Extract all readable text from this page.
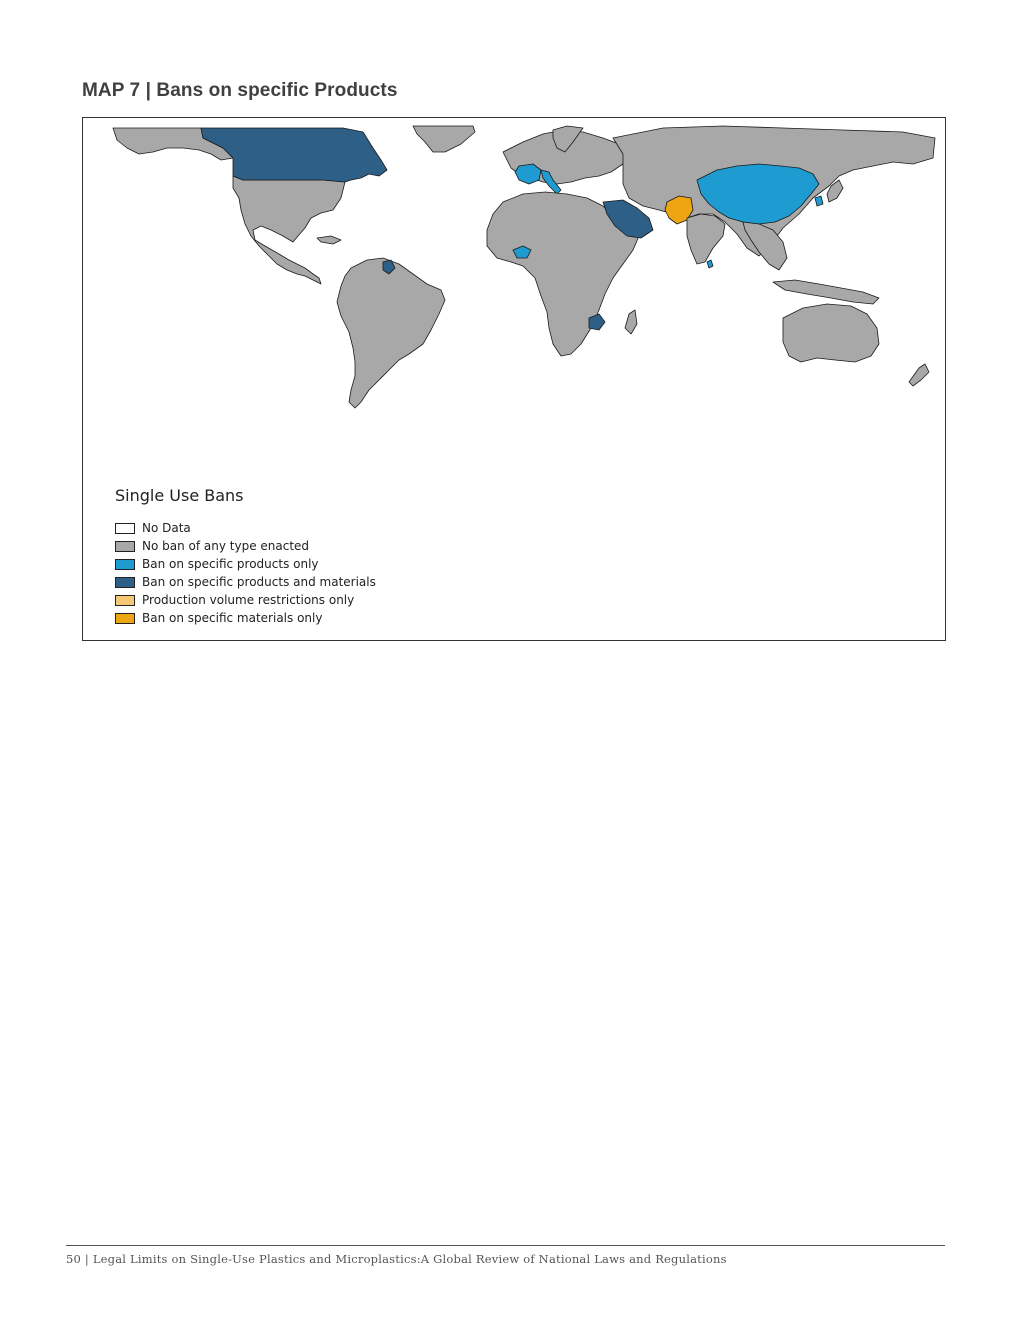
MAP 7 | Bans on specific Products
Single Use Bans
No Data
No ban of any type enacted
Ban on specific products only
Ban on specific products and materials
Production volume restrictions only
Ban on specific materials only
50 | Legal Limits on Single-Use Plastics and Microplastics:A Global Review of National Laws and Regulations
